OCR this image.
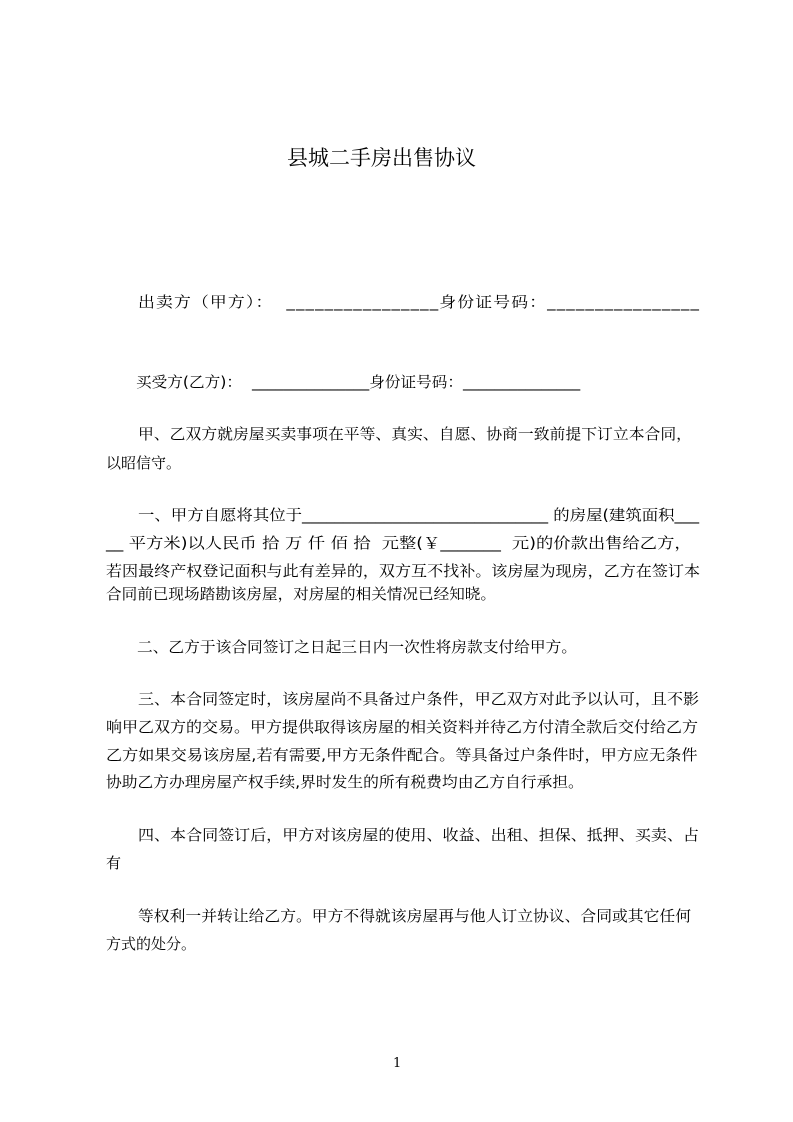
县城二手房出售协议
出卖方（甲方）：  ________________身份证号码：________________
买受方(乙方)：  _______________身份证号码：_______________
甲、乙双方就房屋买卖事项在平等、真实、自愿、协商一致前提下订立本合同，
以昭信守。
一、甲方自愿将其位于______________________________ 的房屋(建筑面积___
__ 平方米)以人民币 拾 万 仟 佰 拾  元整(￥_______  元)的价款出售给乙方，
若因最终产权登记面积与此有差异的，双方互不找补。该房屋为现房，乙方在签订本
合同前已现场踏勘该房屋，对房屋的相关情况已经知晓。
二、乙方于该合同签订之日起三日内一次性将房款支付给甲方。
三、本合同签定时，该房屋尚不具备过户条件，甲乙双方对此予以认可，且不影
响甲乙双方的交易。甲方提供取得该房屋的相关资料并待乙方付清全款后交付给乙方
乙方如果交易该房屋,若有需要,甲方无条件配合。等具备过户条件时，甲方应无条件
协助乙方办理房屋产权手续,界时发生的所有税费均由乙方自行承担。
四、本合同签订后，甲方对该房屋的使用、收益、出租、担保、抵押、买卖、占
有
等权利一并转让给乙方。甲方不得就该房屋再与他人订立协议、合同或其它任何
方式的处分。
1
